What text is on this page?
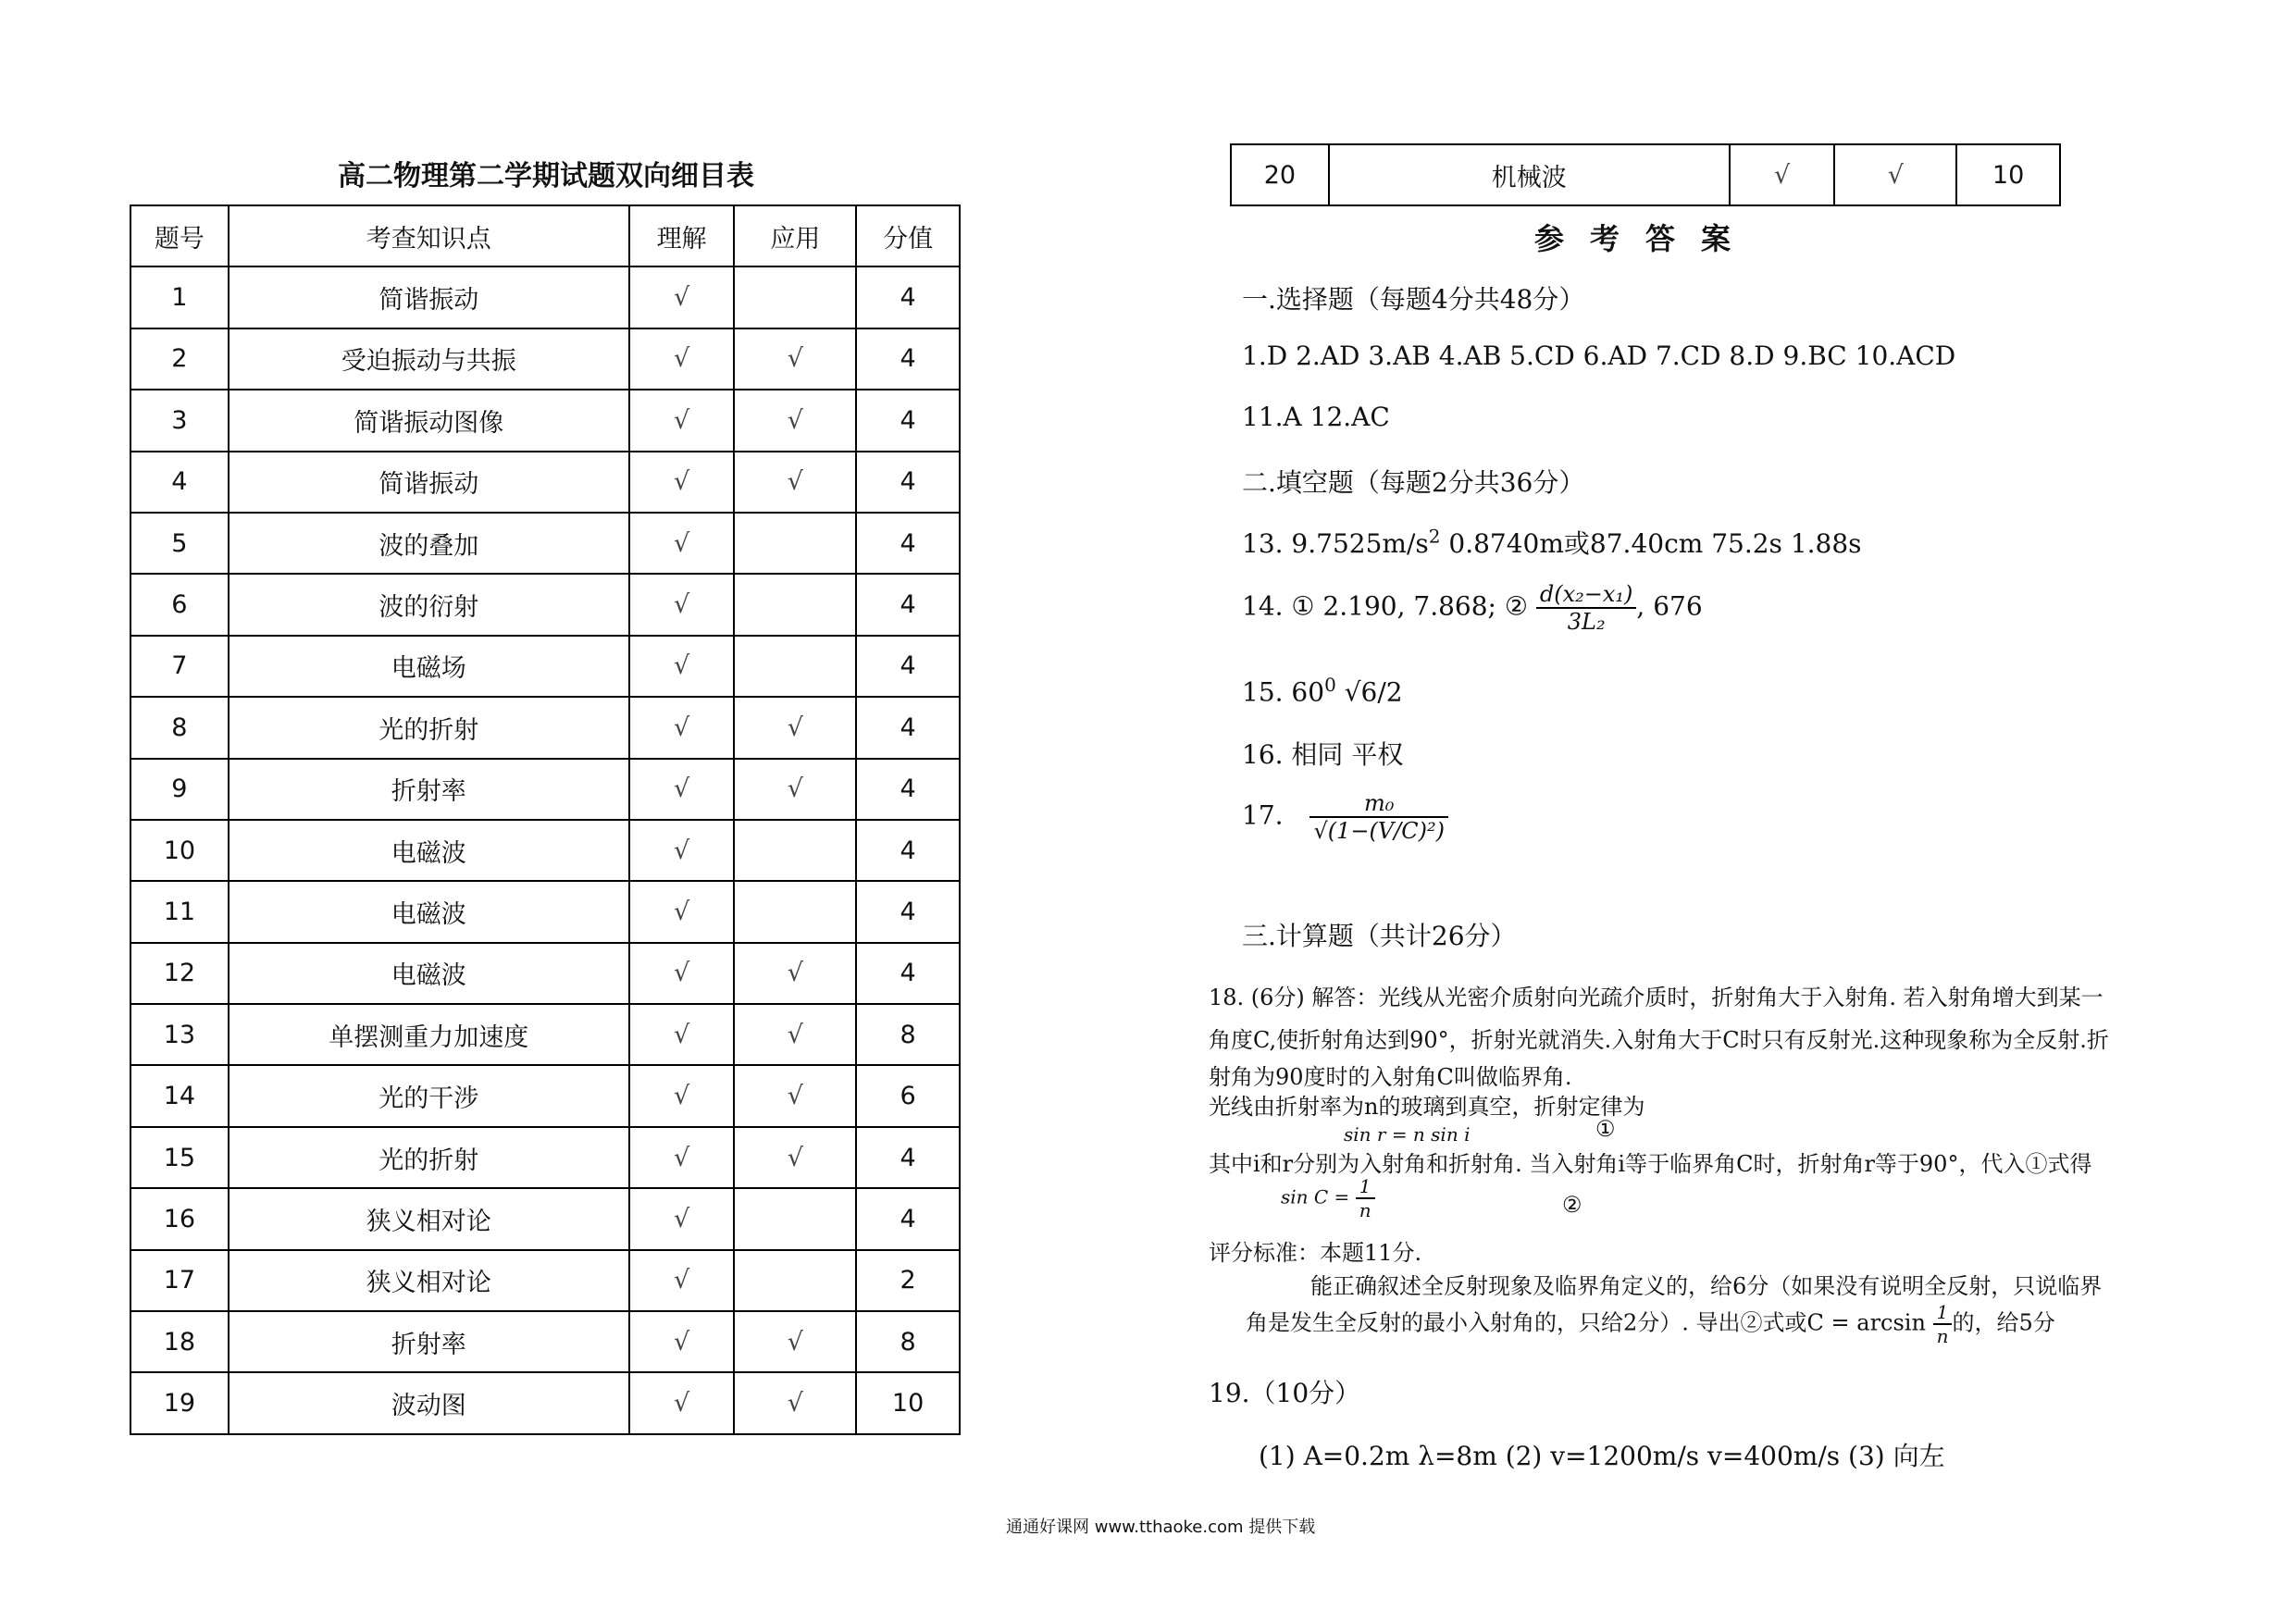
高二物理第二学期试题双向细目表
题号	考查知识点	理解	应用	分值
1	简谐振动	√		4
2	受迫振动与共振	√	√	4
3	简谐振动图像	√	√	4
4	简谐振动	√	√	4
5	波的叠加	√		4
6	波的衍射	√		4
7	电磁场	√		4
8	光的折射	√	√	4
9	折射率	√	√	4
10	电磁波	√		4
11	电磁波	√		4
12	电磁波	√	√	4
13	单摆测重力加速度	√	√	8
14	光的干涉	√	√	6
15	光的折射	√	√	4
16	狭义相对论	√		4
17	狭义相对论	√		2
18	折射率	√	√	8
19	波动图	√	√	10
20	机械波	√	√	10
参考答案
一.选择题（每题4分共48分）
1.D 2.AD 3.AB 4.AB 5.CD 6.AD 7.CD 8.D 9.BC 10.ACD
11.A 12.AC
二.填空题（每题2分共36分）
13. $9.7525m/s^2$ 0.8740m或87.40cm 75.2s 1.88s
14. ① 2.190, 7.868; ② $\frac{\text{d(x₂−x₁)}}{\text{3L₂}}$ , 676
15. $60^0$ √6/2
16. 相同 平权
17. $\frac{\text{m₀}}{\text{√(1−(V/C)²)}}$
三.计算题（共计26分）
18. (6分) 解答：光线从光密介质射向光疏介质时，折射角大于入射角. 若入射角增大到某一
角度C,使折射角达到90°，折射光就消失.入射角大于C时只有反射光.这种现象称为全反射.折
射角为90度时的入射角C叫做临界角.
光线由折射率为n的玻璃到真空，折射定律为
sin r = n sin i	①
其中i和r分别为入射角和折射角. 当入射角i等于临界角C时，折射角r等于90°，代入①式得
$\sin C = \frac{1}{n}$	②
评分标准：本题11分.
能正确叙述全反射现象及临界角定义的，给6分（如果没有说明全反射，只说临界
角是发生全反射的最小入射角的，只给2分）. 导出②式或$C = \arcsin \frac{1}{n}$ 的，给5分
19.（10分）
(1) A=0.2m λ=8m (2) v=1200m/s v=400m/s (3) 向左
通通好课网 www.tthaoke.com 提供下载
